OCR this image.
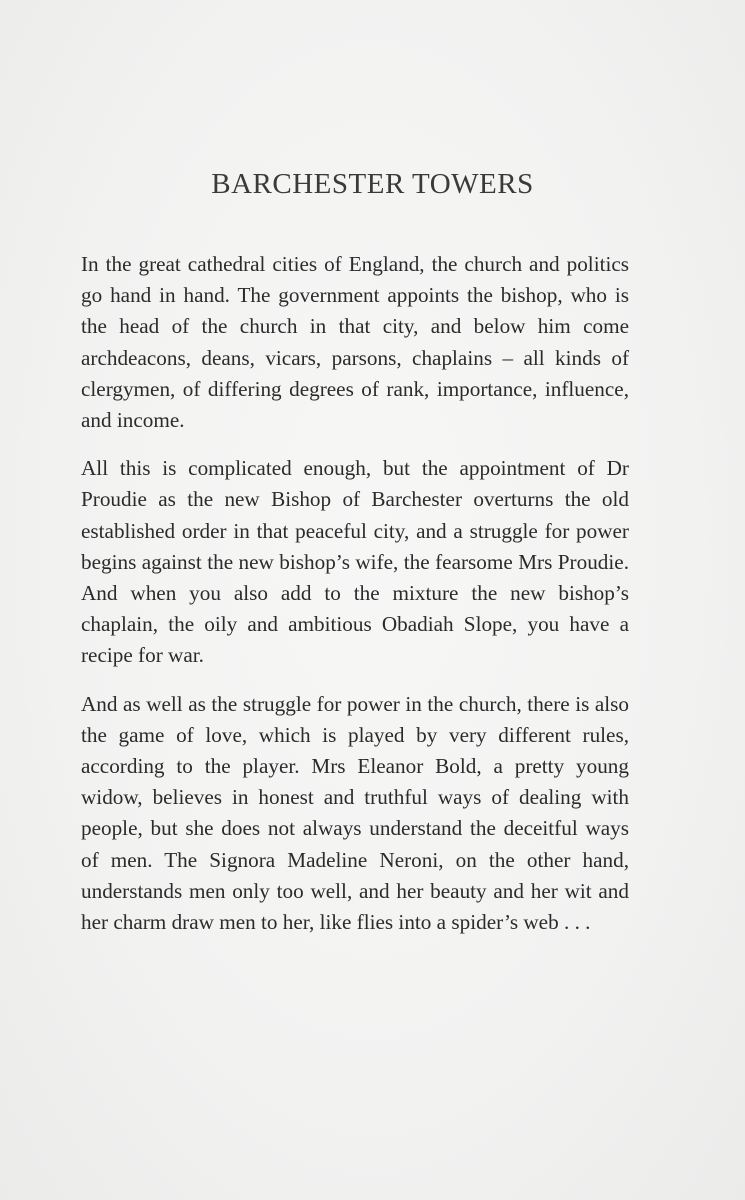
BARCHESTER TOWERS

In the great cathedral cities of England, the church and politics go hand in hand. The government appoints the bishop, who is the head of the church in that city, and below him come archdeacons, deans, vicars, parsons, chaplains – all kinds of clergymen, of differing degrees of rank, importance, influence, and income.

All this is complicated enough, but the appointment of Dr Proudie as the new Bishop of Barchester overturns the old established order in that peaceful city, and a struggle for power begins against the new bishop’s wife, the fearsome Mrs Proudie. And when you also add to the mixture the new bishop’s chaplain, the oily and ambitious Obadiah Slope, you have a recipe for war.

And as well as the struggle for power in the church, there is also the game of love, which is played by very different rules, according to the player. Mrs Eleanor Bold, a pretty young widow, believes in honest and truthful ways of dealing with people, but she does not always understand the deceitful ways of men. The Signora Madeline Neroni, on the other hand, understands men only too well, and her beauty and her wit and her charm draw men to her, like flies into a spider’s web . . .
